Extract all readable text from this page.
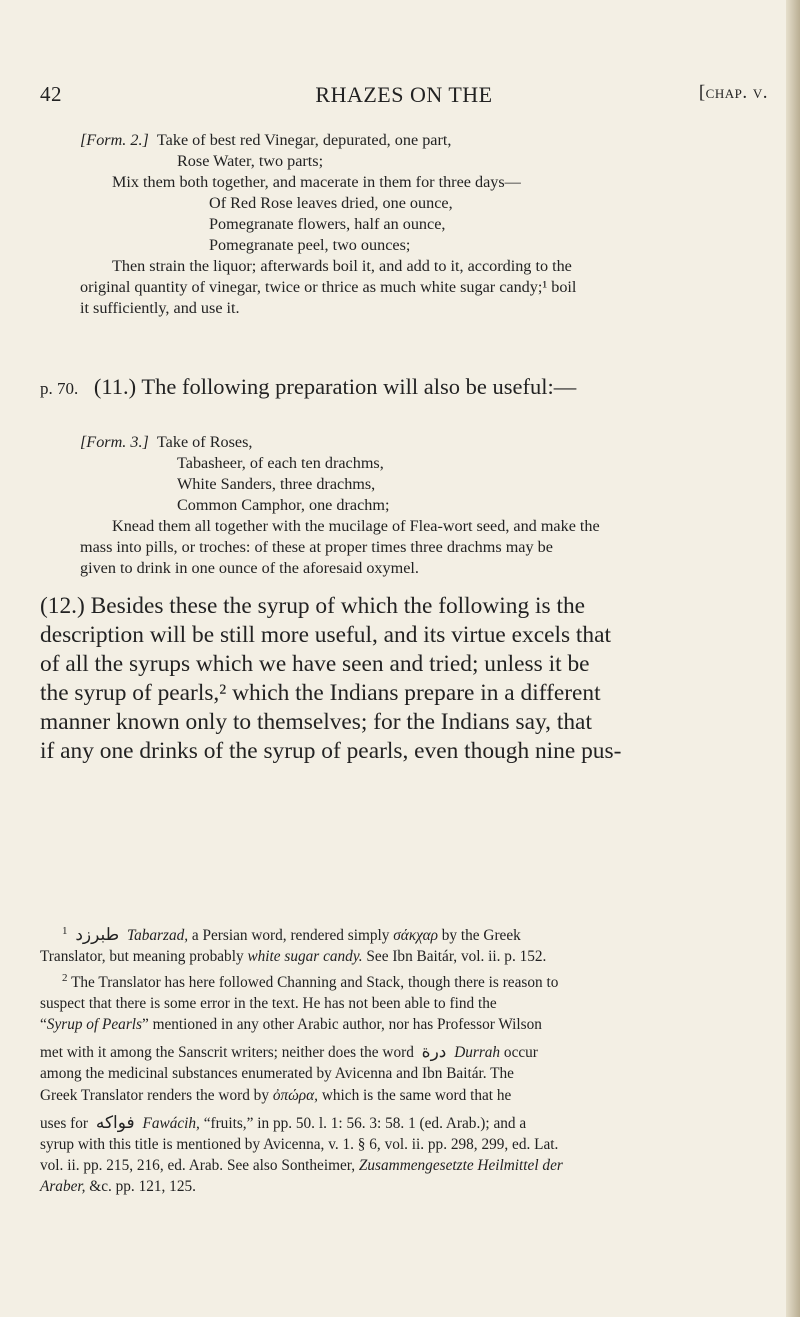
42	RHAZES ON THE	[chap. v.
[Form. 2.] Take of best red Vinegar, depurated, one part,
Rose Water, two parts;
Mix them both together, and macerate in them for three days—
Of Red Rose leaves dried, one ounce,
Pomegranate flowers, half an ounce,
Pomegranate peel, two ounces;
Then strain the liquor; afterwards boil it, and add to it, according to the
original quantity of vinegar, twice or thrice as much white sugar candy;¹ boil
it sufficiently, and use it.
p. 70. (11.) The following preparation will also be useful:—
[Form. 3.] Take of Roses,
Tabasheer, of each ten drachms,
White Sanders, three drachms,
Common Camphor, one drachm;
Knead them all together with the mucilage of Flea-wort seed, and make the
mass into pills, or troches: of these at proper times three drachms may be
given to drink in one ounce of the aforesaid oxymel.
(12.) Besides these the syrup of which the following is the
description will be still more useful, and its virtue excels that
of all the syrups which we have seen and tried; unless it be
the syrup of pearls,² which the Indians prepare in a different
manner known only to themselves; for the Indians say, that
if any one drinks of the syrup of pearls, even though nine pus-
$^1$ طبرزد Tabarzad, a Persian word, rendered simply σάκχαρ by the Greek
Translator, but meaning probably white sugar candy. See Ibn Baitár, vol. ii. p. 152.
$^2$ The Translator has here followed Channing and Stack, though there is reason to
suspect that there is some error in the text. He has not been able to find the
“Syrup of Pearls” mentioned in any other Arabic author, nor has Professor Wilson
met with it among the Sanscrit writers; neither does the word درة Durrah occur
among the medicinal substances enumerated by Avicenna and Ibn Baitár. The
Greek Translator renders the word by ὀπώρα, which is the same word that he
uses for فواكه Fawácih, “fruits,” in pp. 50. l. 1: 56. 3: 58. 1 (ed. Arab.); and a
syrup with this title is mentioned by Avicenna, v. 1. § 6, vol. ii. pp. 298, 299, ed. Lat.
vol. ii. pp. 215, 216, ed. Arab. See also Sontheimer, Zusammengesetzte Heilmittel der
Araber, &c. pp. 121, 125.
